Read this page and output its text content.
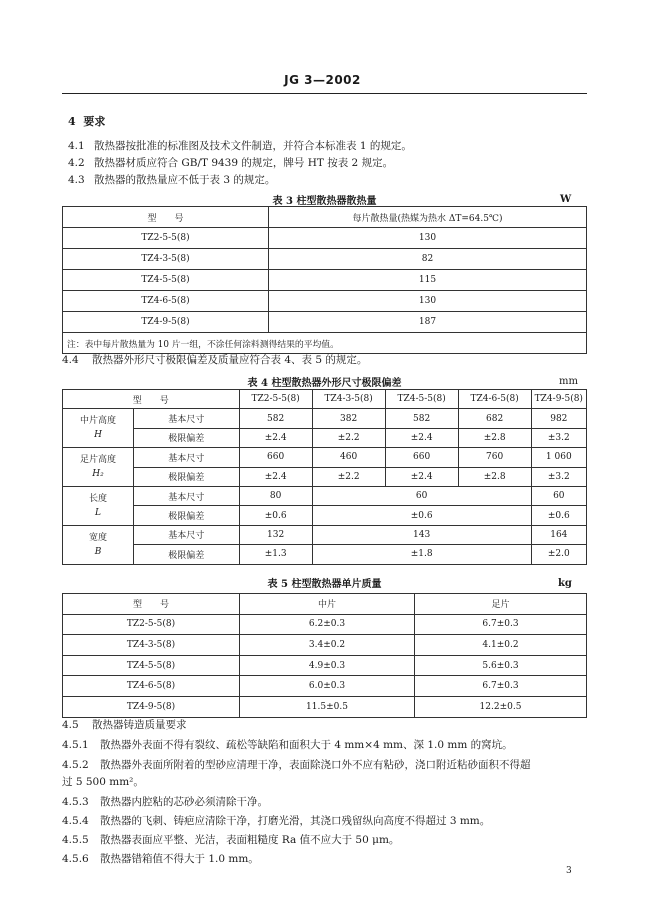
JG 3—2002
4 要求
4.1 散热器按批准的标准图及技术文件制造，并符合本标准表 1 的规定。
4.2 散热器材质应符合 GB/T 9439 的规定，牌号 HT 按表 2 规定。
4.3 散热器的散热量应不低于表 3 的规定。
表 3 柱型散热器散热量	W
型　　号	每片散热量(热媒为热水 ΔT=64.5℃)
TZ2-5-5(8)	130
TZ4-3-5(8)	82
TZ4-5-5(8)	115
TZ4-6-5(8)	130
TZ4-9-5(8)	187
注：表中每片散热量为 10 片一组，不涂任何涂料测得结果的平均值。	
4.4 散热器外形尺寸极限偏差及质量应符合表 4、表 5 的规定。
表 4 柱型散热器外形尺寸极限偏差	mm
型　　号		TZ2-5-5(8)	TZ4-3-5(8)	TZ4-5-5(8)	TZ4-6-5(8)	TZ4-9-5(8)
中片高度
H	基本尺寸	582	382	582	682	982
	极限偏差	±2.4	±2.2	±2.4	±2.8	±3.2
足片高度
H₂	基本尺寸	660	460	660	760	1 060
	极限偏差	±2.4	±2.2	±2.4	±2.8	±3.2
长度
L	基本尺寸	80	60			60
	极限偏差	±0.6	±0.6			±0.6
宽度
B	基本尺寸	132	143			164
	极限偏差	±1.3	±1.8			±2.0
表 5 柱型散热器单片质量	kg
型　　号	中片	足片
TZ2-5-5(8)	6.2±0.3	6.7±0.3
TZ4-3-5(8)	3.4±0.2	4.1±0.2
TZ4-5-5(8)	4.9±0.3	5.6±0.3
TZ4-6-5(8)	6.0±0.3	6.7±0.3
TZ4-9-5(8)	11.5±0.5	12.2±0.5
4.5 散热器铸造质量要求
4.5.1 散热器外表面不得有裂纹、疏松等缺陷和面积大于 4 mm×4 mm、深 1.0 mm 的窝坑。
4.5.2 散热器外表面所附着的型砂应清理干净，表面除浇口外不应有粘砂，浇口附近粘砂面积不得超
过 5 500 mm²。
4.5.3 散热器内腔粘的芯砂必须清除干净。
4.5.4 散热器的飞刺、铸疤应清除干净，打磨光滑，其浇口残留纵向高度不得超过 3 mm。
4.5.5 散热器表面应平整、光洁，表面粗糙度 Ra 值不应大于 50 μm。
4.5.6 散热器错箱值不得大于 1.0 mm。
3
